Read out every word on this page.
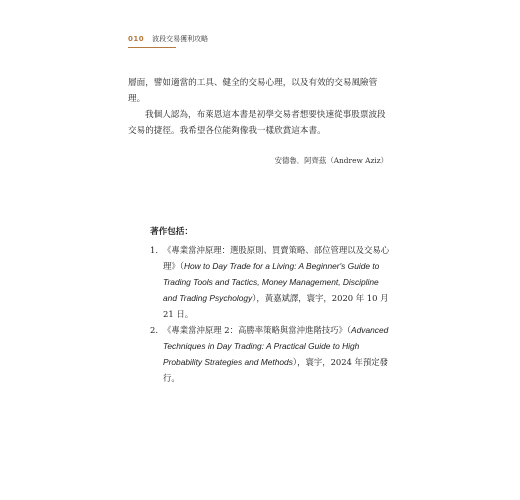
010 波段交易獲利攻略
層面，譬如適當的工具、健全的交易心理，以及有效的交易風險管理。
我個人認為，布萊恩這本書是初學交易者想要快速從事股票波段交易的捷徑。我希望各位能夠像我一樣欣賞這本書。
安德魯．阿齊茲（Andrew Aziz）
著作包括：
1. 《專業當沖原理：選股原則、買賣策略、部位管理以及交易心理》（How to Day Trade for a Living: A Beginner's Guide to Trading Tools and Tactics, Money Management, Discipline and Trading Psychology），黃嘉斌譯，寰宇，2020 年 10 月 21 日。
2. 《專業當沖原理 2：高勝率策略與當沖進階技巧》（Advanced Techniques in Day Trading: A Practical Guide to High Probability Strategies and Methods），寰宇，2024 年預定發行。
